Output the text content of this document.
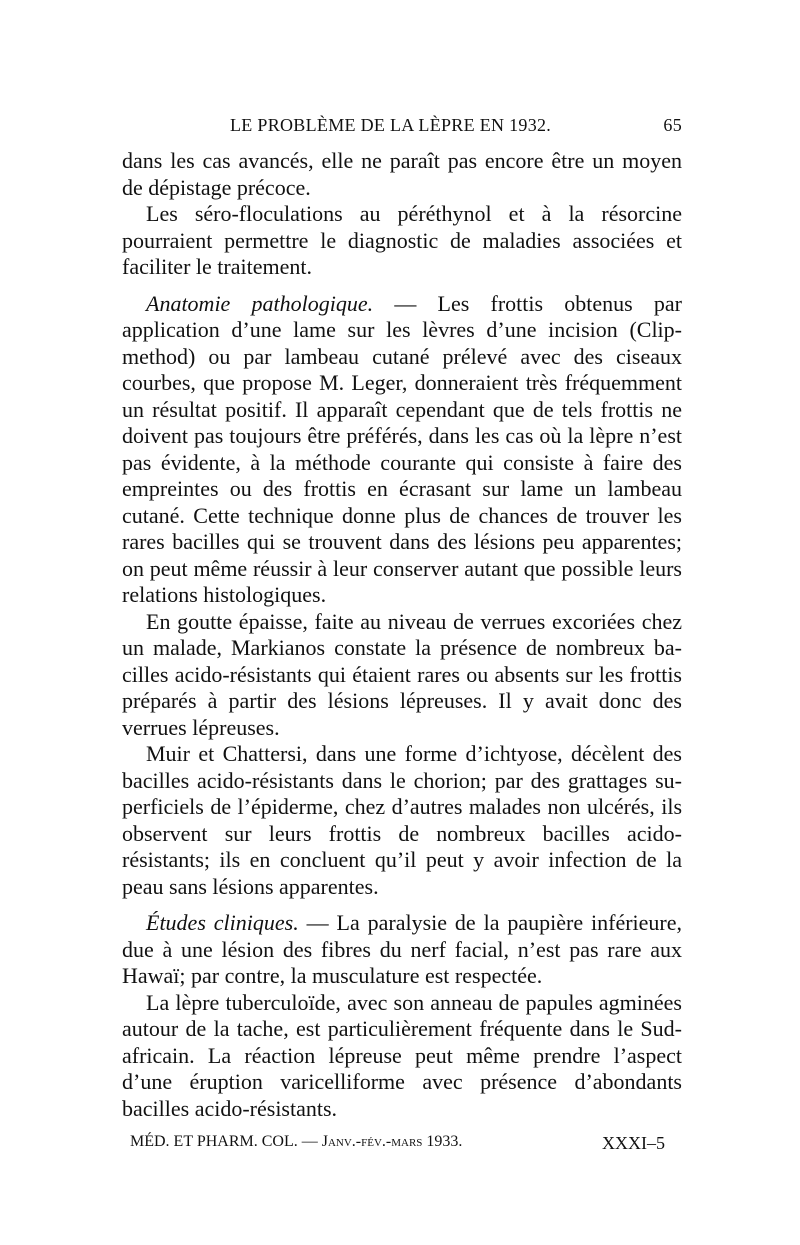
LE PROBLÈME DE LA LÈPRE EN 1932.	65

dans les cas avancés, elle ne paraît pas encore être un moyen de dépistage précoce.

Les séro-floculations au péréthynol et à la résorcine pourraient permettre le diagnostic de maladies associées et faciliter le traitement.

Anatomie pathologique. — Les frottis obtenus par application d’une lame sur les lèvres d’une incision (Clip-method) ou par lambeau cutané prélevé avec des ciseaux courbes, que propose M. Leger, donneraient très fréquemment un résultat positif. Il apparaît cependant que de tels frottis ne doivent pas toujours être préférés, dans les cas où la lèpre n’est pas évidente, à la méthode courante qui consiste à faire des empreintes ou des frottis en écrasant sur lame un lambeau cutané. Cette technique donne plus de chances de trouver les rares bacilles qui se trouvent dans des lésions peu apparentes; on peut même réussir à leur conserver autant que possible leurs relations histologiques.

En goutte épaisse, faite au niveau de verrues excoriées chez un malade, Markianos constate la présence de nombreux bacilles acido-résistants qui étaient rares ou absents sur les frottis préparés à partir des lésions lépreuses. Il y avait donc des verrues lépreuses.

Muir et Chattersi, dans une forme d’ichtyose, décèlent des bacilles acido-résistants dans le chorion; par des grattages superficiels de l’épiderme, chez d’autres malades non ulcérés, ils observent sur leurs frottis de nombreux bacilles acido-résistants; ils en concluent qu’il peut y avoir infection de la peau sans lésions apparentes.

Études cliniques. — La paralysie de la paupière inférieure, due à une lésion des fibres du nerf facial, n’est pas rare aux Hawaï; par contre, la musculature est respectée.

La lèpre tuberculoïde, avec son anneau de papules agminées autour de la tache, est particulièrement fréquente dans le Sud-africain. La réaction lépreuse peut même prendre l’aspect d’une éruption varicelliforme avec présence d’abondants bacilles acido-résistants.

MÉD. ET PHARM. COL. — Janv.-fév.-mars 1933.	XXXI–5
